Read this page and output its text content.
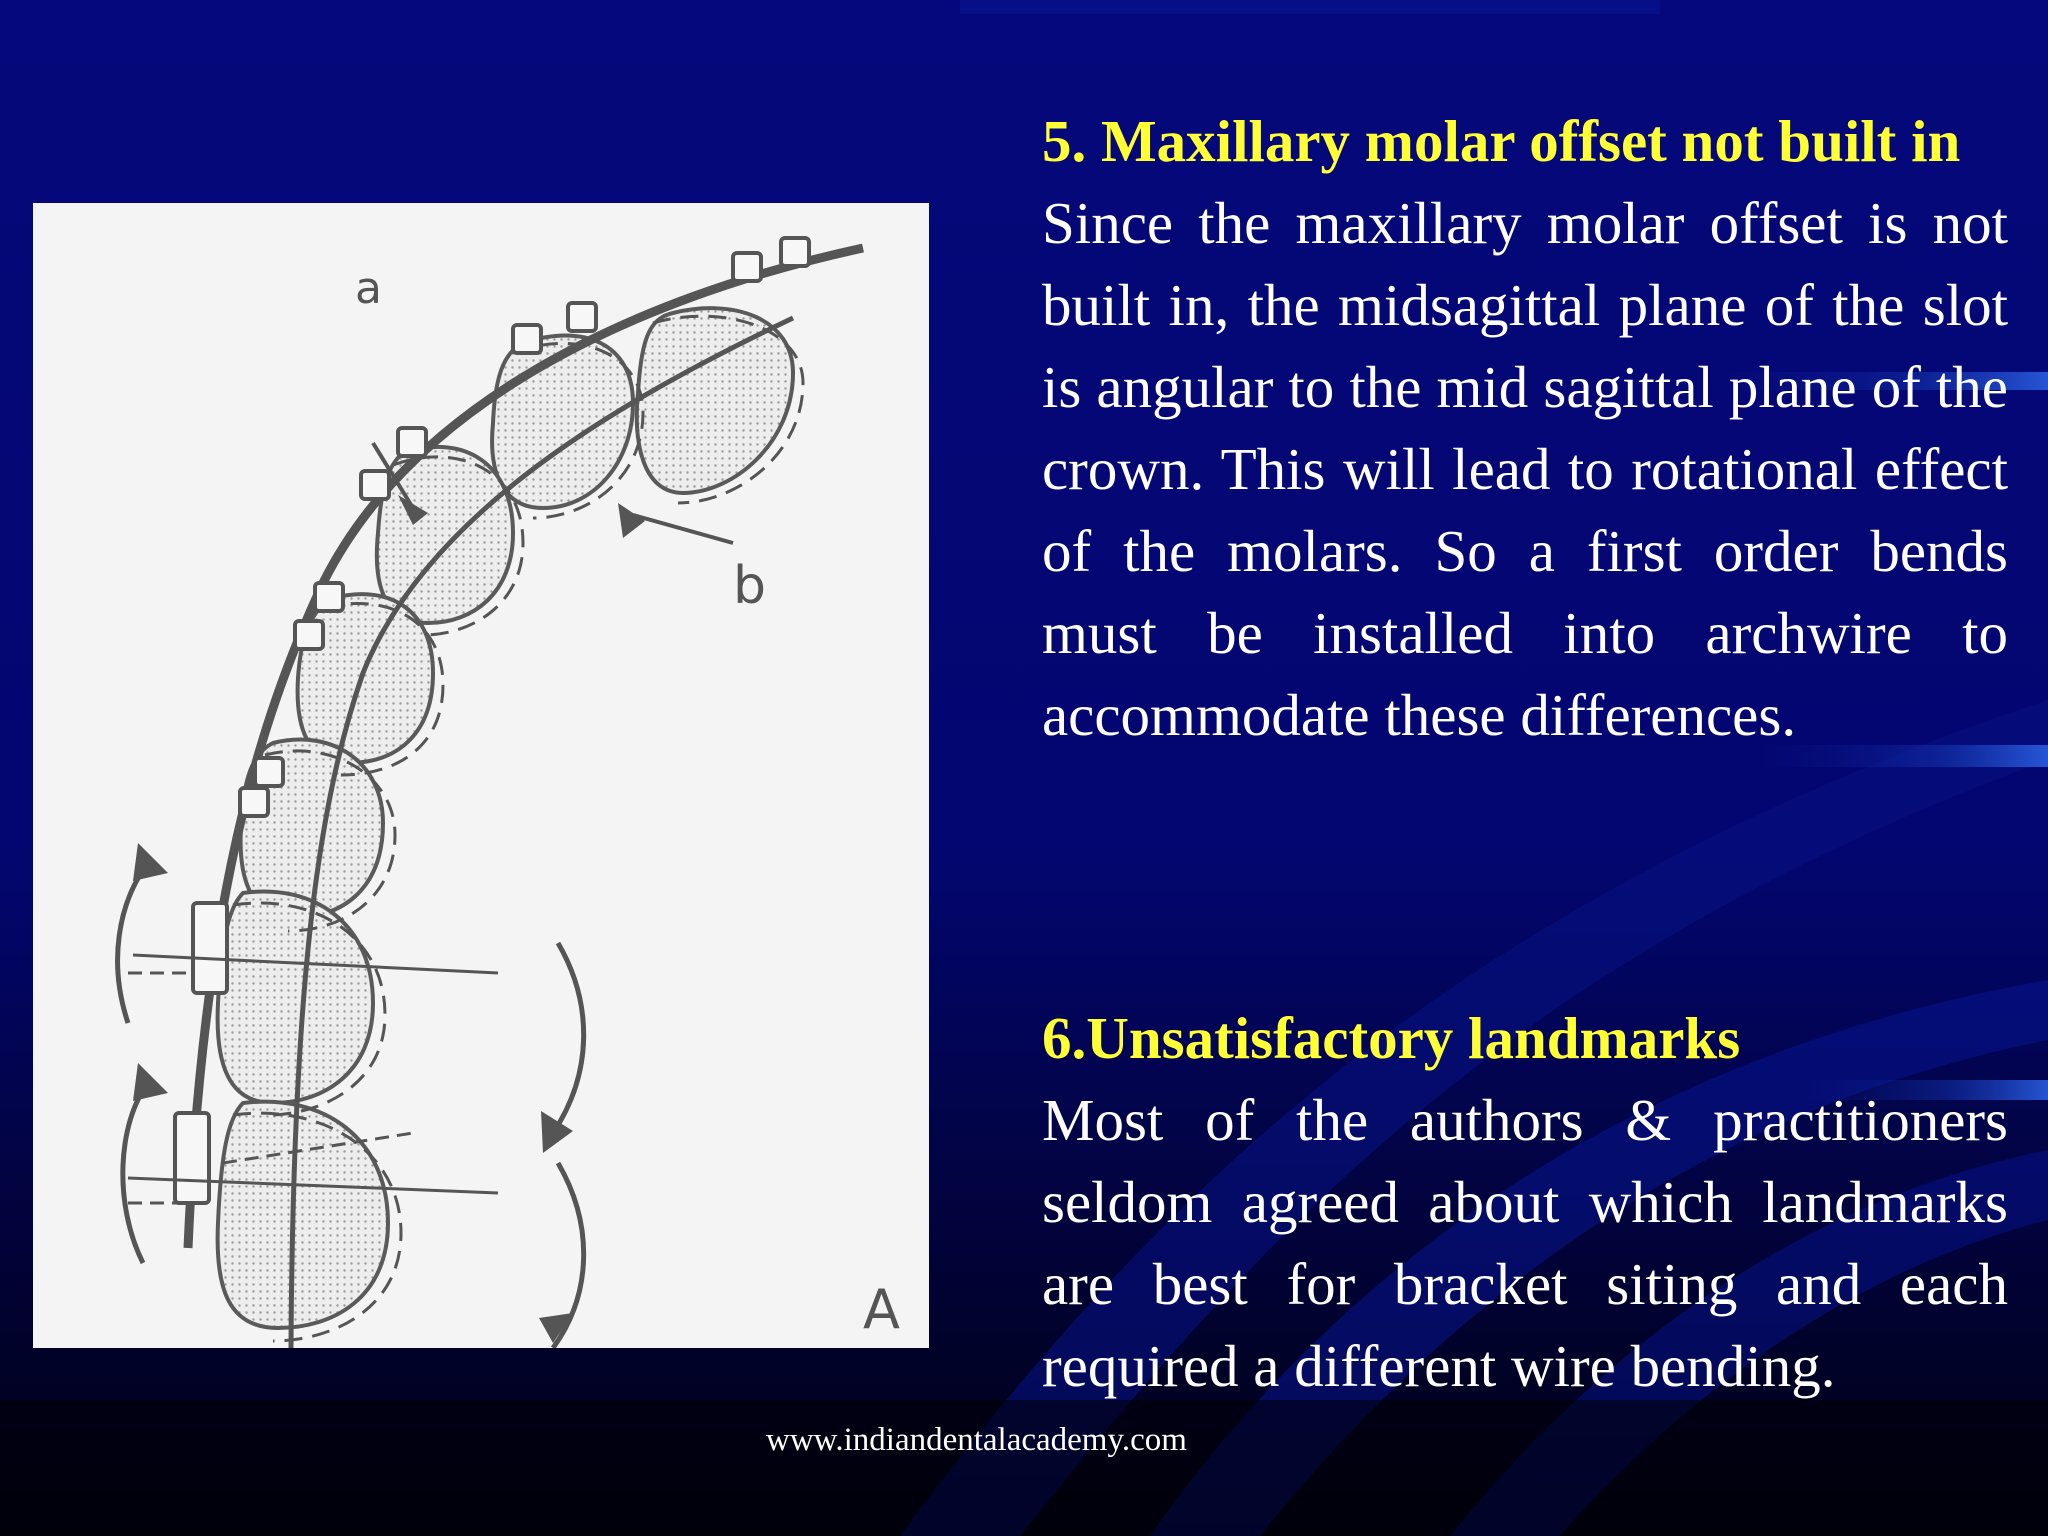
a
b
A

5. Maxillary molar offset not built in

Since the maxillary molar offset is not built in, the midsagittal plane of the slot is angular to the mid sagittal plane of the crown. This will lead to rotational effect of the molars. So a first order bends must be installed into archwire to accommodate these differences.

6.Unsatisfactory landmarks

Most of the authors & practitioners seldom agreed about which landmarks are best for bracket siting and each required a different wire bending.

www.indiandentalacademy.com
